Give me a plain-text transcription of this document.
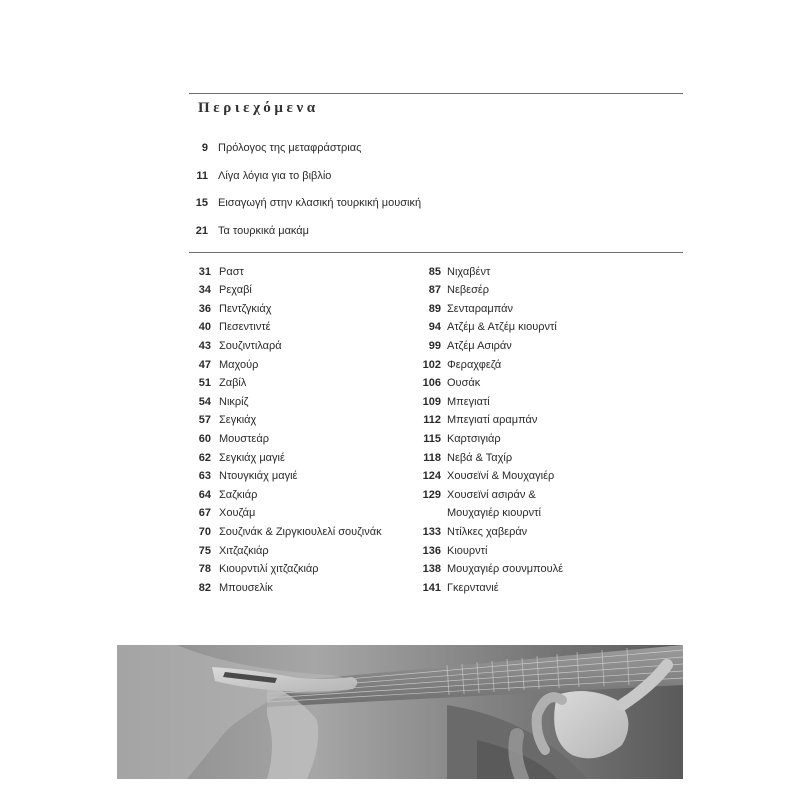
Περιεχόμενα
9 Πρόλογος της μεταφράστριας
11 Λίγα λόγια για το βιβλίο
15 Εισαγωγή στην κλασική τουρκική μουσική
21 Τα τουρκικά μακάμ
31 Ραστ
34 Ρεχαβί
36 Πεντζγκιάχ
40 Πεσεντιντέ
43 Σουζιντιλαρά
47 Μαχούρ
51 Ζαβίλ
54 Νικρίζ
57 Σεγκιάχ
60 Μουστεάρ
62 Σεγκιάχ μαγιέ
63 Ντουγκιάχ μαγιέ
64 Σαζκιάρ
67 Χουζάμ
70 Σουζινάκ & Ζιργκιουλελί σουζινάκ
75 Χιτζαζκιάρ
78 Κιουρντιλί χιτζαζκιάρ
82 Μπουσελίκ
85 Νιχαβέντ
87 Νεβεσέρ
89 Σενταραμπάν
94 Ατζέμ & Ατζέμ κιουρντί
99 Ατζέμ Ασιράν
102 Φεραχφεζά
106 Ουσάκ
109 Μπεγιατί
112 Μπεγιατί αραμπάν
115 Καρτσιγιάρ
118 Νεβά & Ταχίρ
124 Χουσεϊνί & Μουχαγιέρ
129 Χουσεϊνί ασιράν &
Μουχαγιέρ κιουρντί
133 Ντίλκες χαβεράν
136 Κιουρντί
138 Μουχαγιέρ σουνμπουλέ
141 Γκερντανιέ
